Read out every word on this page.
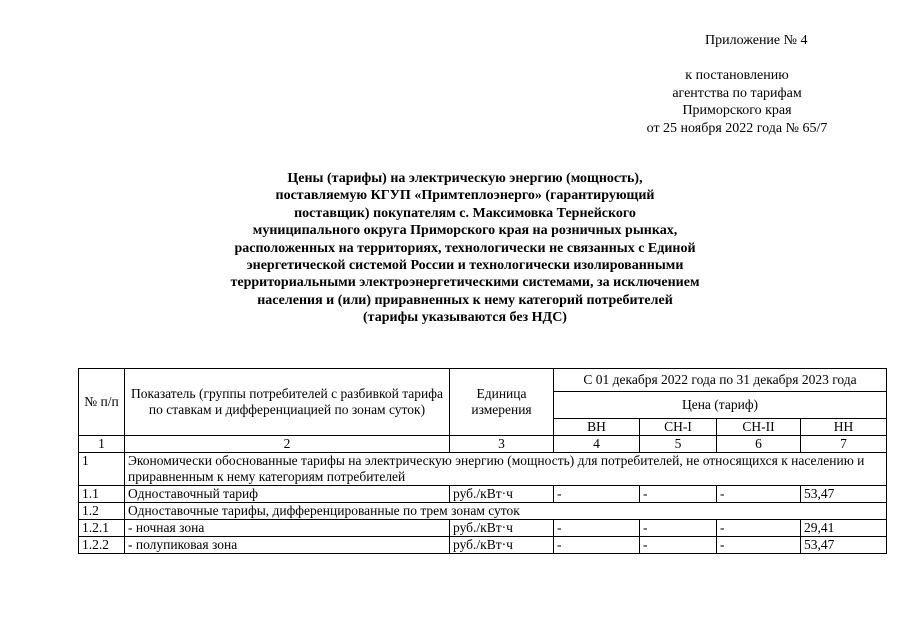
Приложение № 4
к постановлению
агентства по тарифам
Приморского края
от 25 ноября 2022 года № 65/7
Цены (тарифы) на электрическую энергию (мощность),
поставляемую КГУП «Примтеплоэнерго» (гарантирующий
поставщик) покупателям с. Максимовка Тернейского
муниципального округа Приморского края на розничных рынках,
расположенных на территориях, технологически не связанных с Единой
энергетической системой России и технологически изолированными
территориальными электроэнергетическими системами, за исключением
населения и (или) приравненных к нему категорий потребителей
(тарифы указываются без НДС)
№ п/п	Показатель (группы потребителей с разбивкой тарифа по ставкам и дифференциацией по зонам суток)	Единица измерения	С 01 декабря 2022 года по 31 декабря 2023 года			
			Цена (тариф)			
			ВН	СН-I	СН-II	НН
1	2	3	4	5	6	7
1	Экономически обоснованные тарифы на электрическую энергию (мощность) для потребителей, не относящихся к населению и приравненным к нему категориям потребителей					
1.1	Одноставочный тариф	руб./кВт·ч	-	-	-	53,47
1.2	Одноставочные тарифы, дифференцированные по трем зонам суток					
1.2.1	- ночная зона	руб./кВт·ч	-	-	-	29,41
1.2.2	- полупиковая зона	руб./кВт·ч	-	-	-	53,47
